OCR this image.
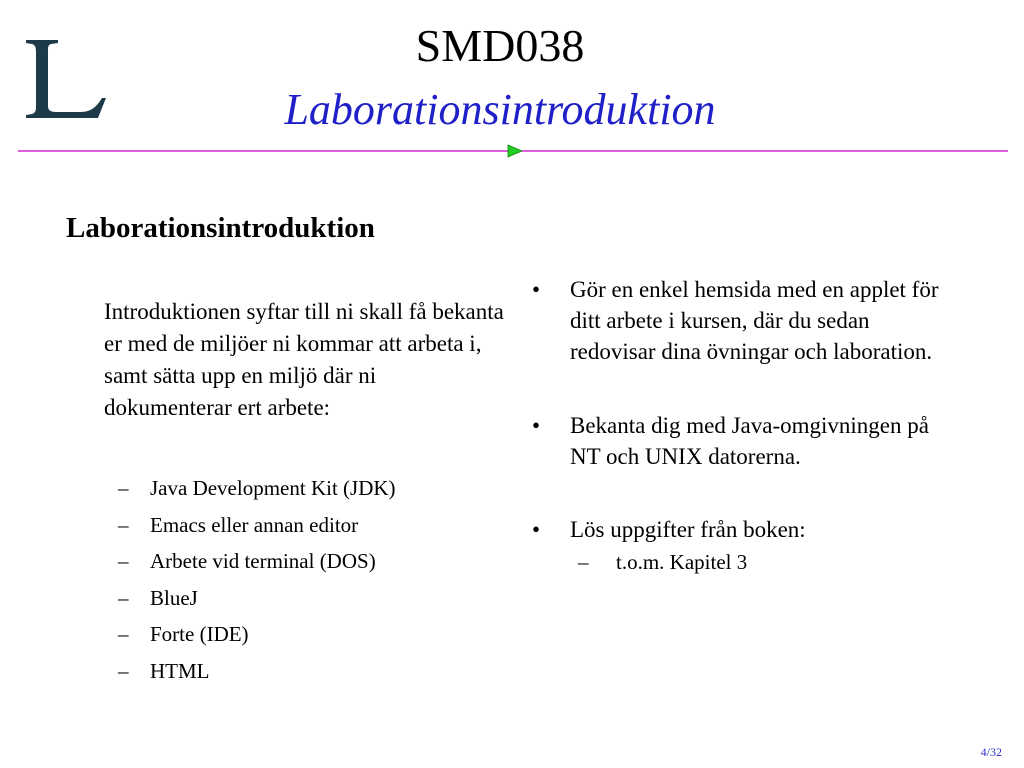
SMD038
Laborationsintroduktion
Laborationsintroduktion
Introduktionen syftar till ni skall få bekanta er med de miljöer ni kommar att arbeta i, samt sätta upp en miljö där ni dokumenterar ert arbete:
– Java Development Kit (JDK)
– Emacs eller annan editor
– Arbete vid terminal (DOS)
– BlueJ
– Forte (IDE)
– HTML
• Gör en enkel hemsida med en applet för ditt arbete i kursen, där du sedan redovisar dina övningar och laboration.
• Bekanta dig med Java-omgivningen på NT och UNIX datorerna.
• Lös uppgifter från boken:
– t.o.m. Kapitel 3
4/32
